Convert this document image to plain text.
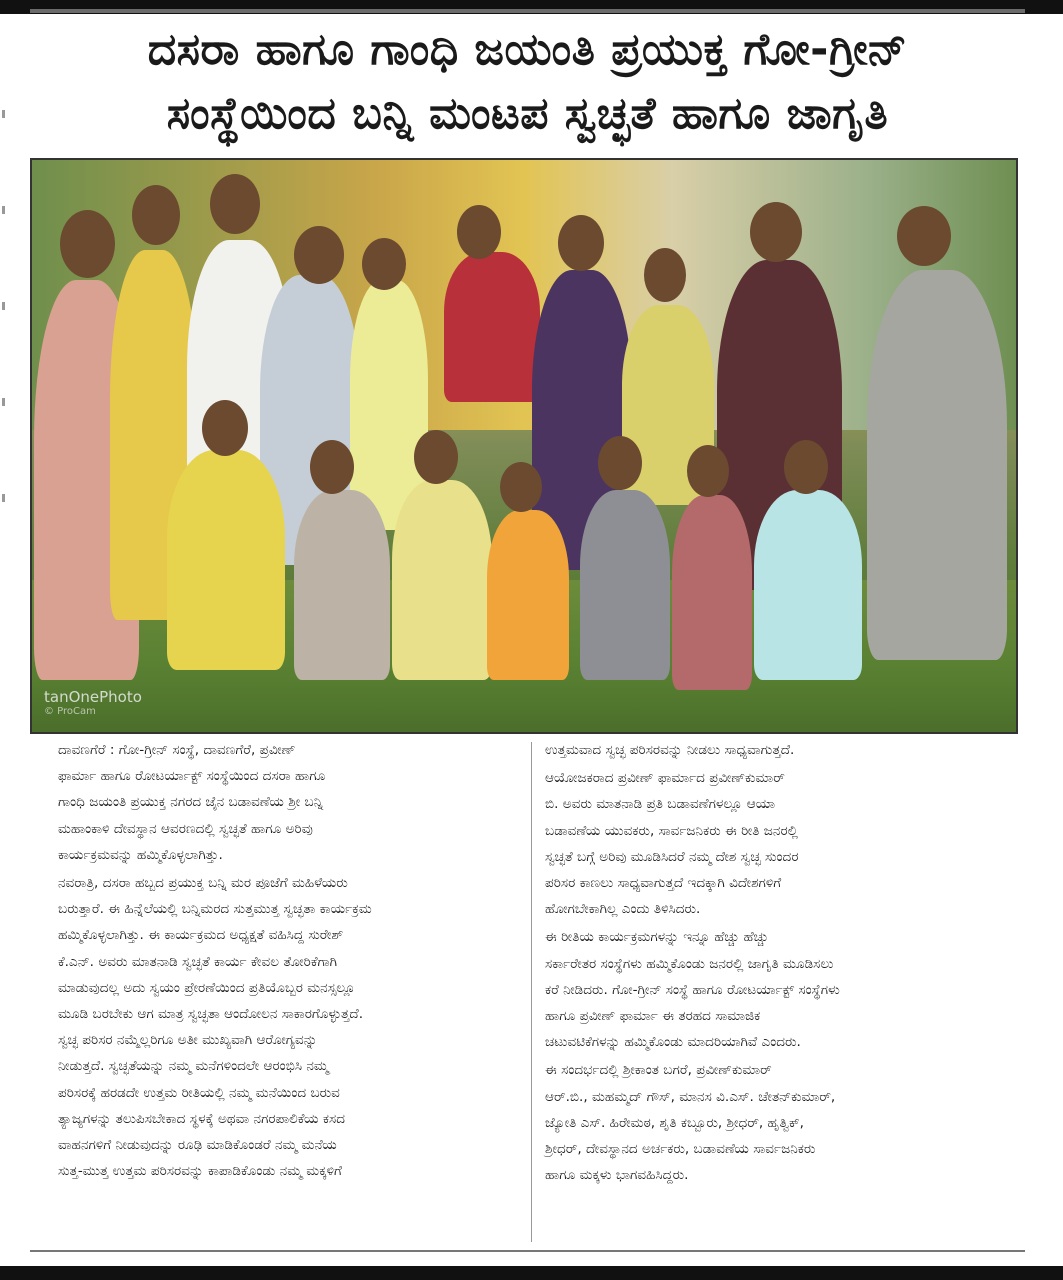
ದಸರಾ ಹಾಗೂ ಗಾಂಧಿ ಜಯಂತಿ ಪ್ರಯುಕ್ತ ಗೋ-ಗ್ರೀನ್
ಸಂಸ್ಥೆಯಿಂದ ಬನ್ನಿ ಮಂಟಪ ಸ್ವಚ್ಛತೆ ಹಾಗೂ ಜಾಗೃತಿ
tanOnePhoto
© ProCam

ದಾವಣಗೆರೆ : ಗೋ-ಗ್ರೀನ್ ಸಂಸ್ಥೆ, ದಾವಣಗೆರೆ, ಪ್ರವೀಣ್
ಫಾರ್ಮಾ ಹಾಗೂ ರೋಟರ್ಯಾಕ್ಟ್ ಸಂಸ್ಥೆಯಿಂದ ದಸರಾ ಹಾಗೂ
ಗಾಂಧಿ ಜಯಂತಿ ಪ್ರಯುಕ್ತ ನಗರದ ಜೈನ ಬಡಾವಣೆಯ ಶ್ರೀ ಬನ್ನಿ
ಮಹಾಂಕಾಳಿ ದೇವಸ್ಥಾನ ಆವರಣದಲ್ಲಿ ಸ್ವಚ್ಛತೆ ಹಾಗೂ ಅರಿವು
ಕಾರ್ಯಕ್ರಮವನ್ನು ಹಮ್ಮಿಕೊಳ್ಳಲಾಗಿತ್ತು.

ನವರಾತ್ರಿ, ದಸರಾ ಹಬ್ಬದ ಪ್ರಯುಕ್ತ ಬನ್ನಿ ಮರ ಪೂಜೆಗೆ ಮಹಿಳೆಯರು
ಬರುತ್ತಾರೆ. ಈ ಹಿನ್ನೆಲೆಯಲ್ಲಿ ಬನ್ನಿಮರದ ಸುತ್ತಮುತ್ತ ಸ್ವಚ್ಛತಾ ಕಾರ್ಯಕ್ರಮ
ಹಮ್ಮಿಕೊಳ್ಳಲಾಗಿತ್ತು. ಈ ಕಾರ್ಯಕ್ರಮದ ಅಧ್ಯಕ್ಷತೆ ವಹಿಸಿದ್ದ ಸುರೇಶ್
ಕೆ.ಎನ್. ಅವರು ಮಾತನಾಡಿ ಸ್ವಚ್ಛತೆ ಕಾರ್ಯ ಕೇವಲ ತೋರಿಕೆಗಾಗಿ
ಮಾಡುವುದಲ್ಲ ಅದು ಸ್ವಯಂ ಪ್ರೇರಣೆಯಿಂದ ಪ್ರತಿಯೊಬ್ಬರ ಮನಸ್ಸಲ್ಲೂ
ಮೂಡಿ ಬರಬೇಕು ಆಗ ಮಾತ್ರ ಸ್ವಚ್ಛತಾ ಆಂದೋಲನ ಸಾಕಾರಗೊಳ್ಳುತ್ತದೆ.
ಸ್ವಚ್ಛ ಪರಿಸರ ನಮ್ಮೆಲ್ಲರಿಗೂ ಅತೀ ಮುಖ್ಯವಾಗಿ ಆರೋಗ್ಯವನ್ನು
ನೀಡುತ್ತದೆ. ಸ್ವಚ್ಛತೆಯನ್ನು ನಮ್ಮ ಮನೆಗಳಿಂದಲೇ ಆರಂಭಿಸಿ ನಮ್ಮ
ಪರಿಸರಕ್ಕೆ ಹರಡದೇ ಉತ್ತಮ ರೀತಿಯಲ್ಲಿ ನಮ್ಮ ಮನೆಯಿಂದ ಬರುವ
ತ್ಯಾಜ್ಯಗಳನ್ನು ತಲುಪಿಸಬೇಕಾದ ಸ್ಥಳಕ್ಕೆ ಅಥವಾ ನಗರಪಾಲಿಕೆಯ ಕಸದ
ವಾಹನಗಳಿಗೆ ನೀಡುವುದನ್ನು ರೂಢಿ ಮಾಡಿಕೊಂಡರೆ ನಮ್ಮ ಮನೆಯ
ಸುತ್ತ-ಮುತ್ತ ಉತ್ತಮ ಪರಿಸರವನ್ನು ಕಾಪಾಡಿಕೊಂಡು ನಮ್ಮ ಮಕ್ಕಳಿಗೆ

ಉತ್ತಮವಾದ ಸ್ವಚ್ಛ ಪರಿಸರವನ್ನು ನೀಡಲು ಸಾಧ್ಯವಾಗುತ್ತದೆ.

ಆಯೋಜಕರಾದ ಪ್ರವೀಣ್ ಫಾರ್ಮಾದ ಪ್ರವೀಣ್‌ಕುಮಾರ್
ಬಿ. ಅವರು ಮಾತನಾಡಿ ಪ್ರತಿ ಬಡಾವಣೆಗಳಲ್ಲೂ ಆಯಾ
ಬಡಾವಣೆಯ ಯುವಕರು, ಸಾರ್ವಜನಿಕರು ಈ ರೀತಿ ಜನರಲ್ಲಿ
ಸ್ವಚ್ಛತೆ ಬಗ್ಗೆ ಅರಿವು ಮೂಡಿಸಿದರೆ ನಮ್ಮ ದೇಶ ಸ್ವಚ್ಛ ಸುಂದರ
ಪರಿಸರ ಕಾಣಲು ಸಾಧ್ಯವಾಗುತ್ತದೆ ಇದಕ್ಕಾಗಿ ವಿದೇಶಗಳಿಗೆ
ಹೋಗಬೇಕಾಗಿಲ್ಲ ಎಂದು ತಿಳಿಸಿದರು.

ಈ ರೀತಿಯ ಕಾರ್ಯಕ್ರಮಗಳನ್ನು ಇನ್ನೂ ಹೆಚ್ಚು ಹೆಚ್ಚು
ಸರ್ಕಾರೇತರ ಸಂಸ್ಥೆಗಳು ಹಮ್ಮಿಕೊಂಡು ಜನರಲ್ಲಿ ಜಾಗೃತಿ ಮೂಡಿಸಲು
ಕರೆ ನೀಡಿದರು. ಗೋ-ಗ್ರೀನ್ ಸಂಸ್ಥೆ ಹಾಗೂ ರೋಟರ್ಯಾಕ್ಟ್ ಸಂಸ್ಥೆಗಳು
ಹಾಗೂ ಪ್ರವೀಣ್ ಫಾರ್ಮಾ ಈ ತರಹದ ಸಾಮಾಜಿಕ
ಚಟುವಟಿಕೆಗಳನ್ನು ಹಮ್ಮಿಕೊಂಡು ಮಾದರಿಯಾಗಿವೆ ಎಂದರು.

ಈ ಸಂದರ್ಭದಲ್ಲಿ ಶ್ರೀಕಾಂತ ಬಗರೆ, ಪ್ರವೀಣ್‌ಕುಮಾರ್
ಆರ್.ಬಿ., ಮಹಮ್ಮದ್ ಗೌಸ್, ಮಾನಸ ವಿ.ಎಸ್. ಚೇತನ್‌ಕುಮಾರ್,
ಜ್ಯೋತಿ ಎಸ್. ಹಿರೇಮಠ, ಶೃತಿ ಕಬ್ಬೂರು, ಶ್ರೀಧರ್, ಹೃತ್ವಿಕ್,
ಶ್ರೀಧರ್, ದೇವಸ್ಥಾನದ ಅರ್ಚಕರು, ಬಡಾವಣೆಯ ಸಾರ್ವಜನಿಕರು
ಹಾಗೂ ಮಕ್ಕಳು ಭಾಗವಹಿಸಿದ್ದರು.
